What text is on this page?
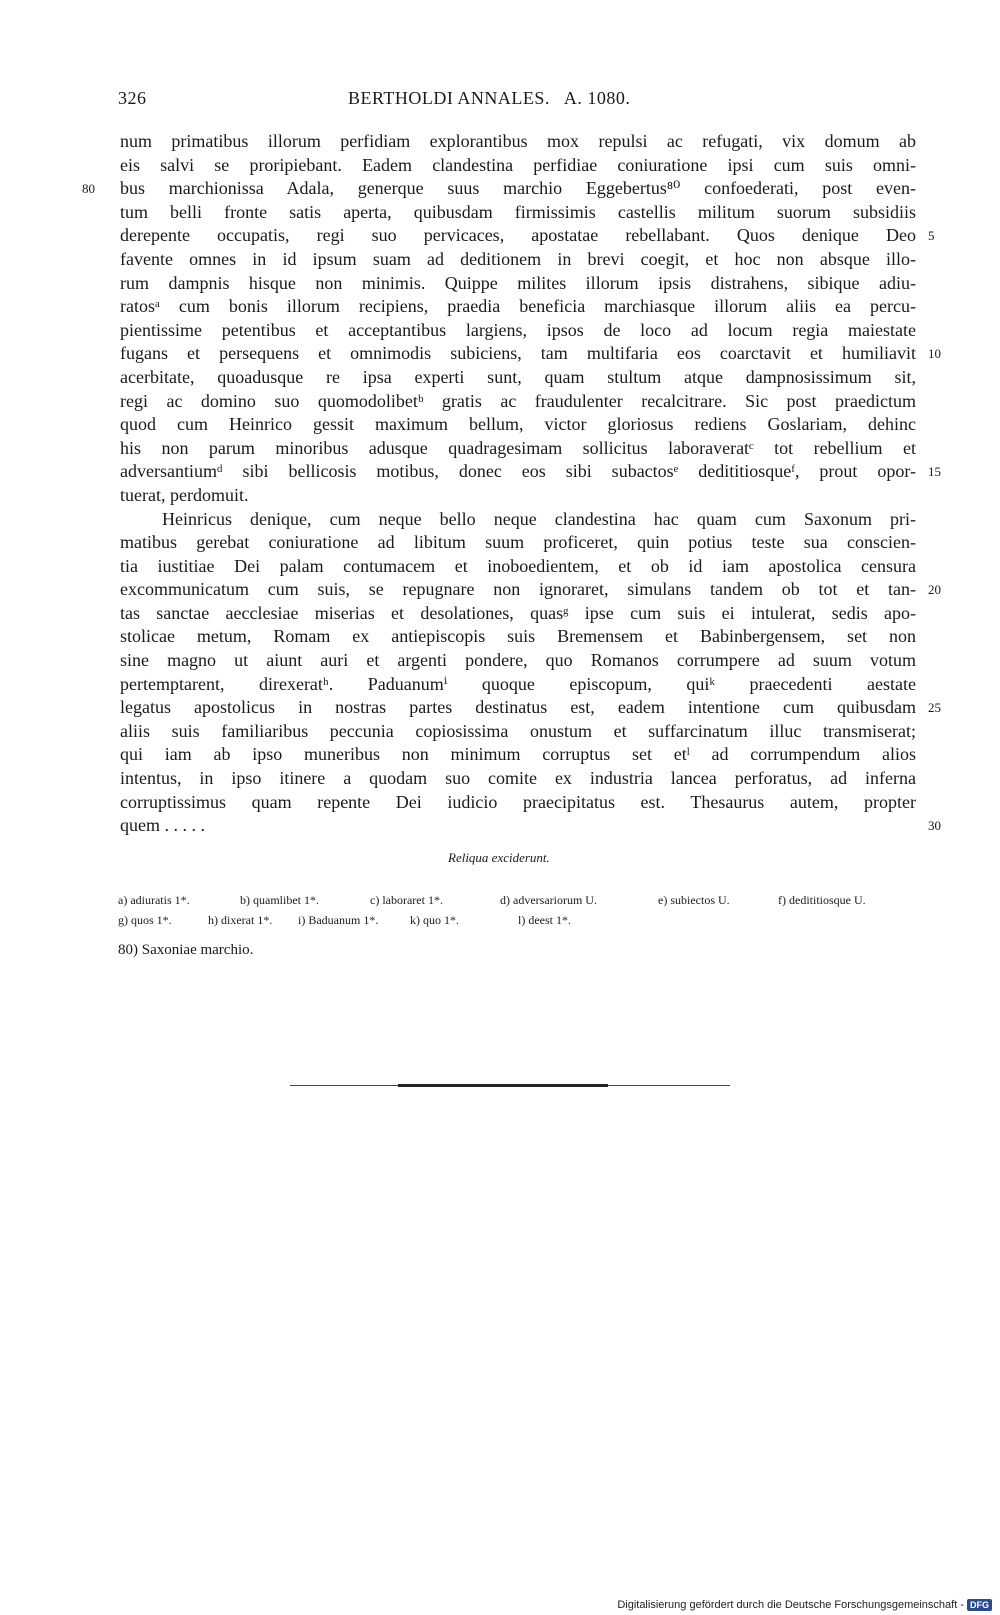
326	BERTHOLDI ANNALES.   A. 1080.
num primatibus illorum perfidiam explorantibus mox repulsi ac refugati, vix domum ab
eis salvi se proripiebant. Eadem clandestina perfidiae coniuratione ipsi cum suis omni-
bus marchionissa Adala, generque suus marchio Eggebertus⁸⁰ confoederati, post even-
80
tum belli fronte satis aperta, quibusdam firmissimis castellis militum suorum subsidiis
derepente occupatis, regi suo pervicaces, apostatae rebellabant. Quos denique Deo 5
favente omnes in id ipsum suam ad deditionem in brevi coegit, et hoc non absque illo-
rum dampnis hisque non minimis. Quippe milites illorum ipsis distrahens, sibique adiu-
ratosᵃ cum bonis illorum recipiens, praedia beneficia marchiasque illorum aliis ea percu-
pientissime petentibus et acceptantibus largiens, ipsos de loco ad locum regia maiestate
fugans et persequens et omnimodis subiciens, tam multifaria eos coarctavit et humiliavit 10
acerbitate, quoadusque re ipsa experti sunt, quam stultum atque dampnosissimum sit,
regi ac domino suo quomodolibetᵇ gratis ac fraudulenter recalcitrare. Sic post praedictum
quod cum Heinrico gessit maximum bellum, victor gloriosus rediens Goslariam, dehinc
his non parum minoribus adusque quadragesimam sollicitus laboraveratᶜ tot rebellium et
adversantiumᵈ sibi bellicosis motibus, donec eos sibi subactosᵉ dedititiosqueᶠ, prout opor- 15
tuerat, perdomuit.
Heinricus denique, cum neque bello neque clandestina hac quam cum Saxonum pri-
matibus gerebat coniuratione ad libitum suum proficeret, quin potius teste sua conscien-
tia iustitiae Dei palam contumacem et inoboedientem, et ob id iam apostolica censura
excommunicatum cum suis, se repugnare non ignoraret, simulans tandem ob tot et tan- 20
tas sanctae aecclesiae miserias et desolationes, quasᵍ ipse cum suis ei intulerat, sedis apo-
stolicae metum, Romam ex antiepiscopis suis Bremensem et Babinbergensem, set non
sine magno ut aiunt auri et argenti pondere, quo Romanos corrumpere ad suum votum
pertemptarent, direxeratʰ. Paduanumⁱ quoque episcopum, quiᵏ praecedenti aestate
legatus apostolicus in nostras partes destinatus est, eadem intentione cum quibusdam 25
aliis suis familiaribus peccunia copiosissima onustum et suffarcinatum illuc transmiserat;
qui iam ab ipso muneribus non minimum corruptus set etˡ ad corrumpendum alios
intentus, in ipso itinere a quodam suo comite ex industria lancea perforatus, ad inferna
corruptissimus quam repente Dei iudicio praecipitatus est. Thesaurus autem, propter
quem . . . . .	30
Reliqua exciderunt.
a) adiuratis 1*.	b) quamlibet 1*.	c) laboraret 1*.	d) adversariorum U.	e) subiectos U.	f) dedititiosque U.
g) quos 1*.	h) dixerat 1*. i) Baduanum 1*.	k) quo 1*.	l) deest 1*.
80) Saxoniae marchio.
Digitalisierung gefördert durch die Deutsche Forschungsgemeinschaft - DFG
